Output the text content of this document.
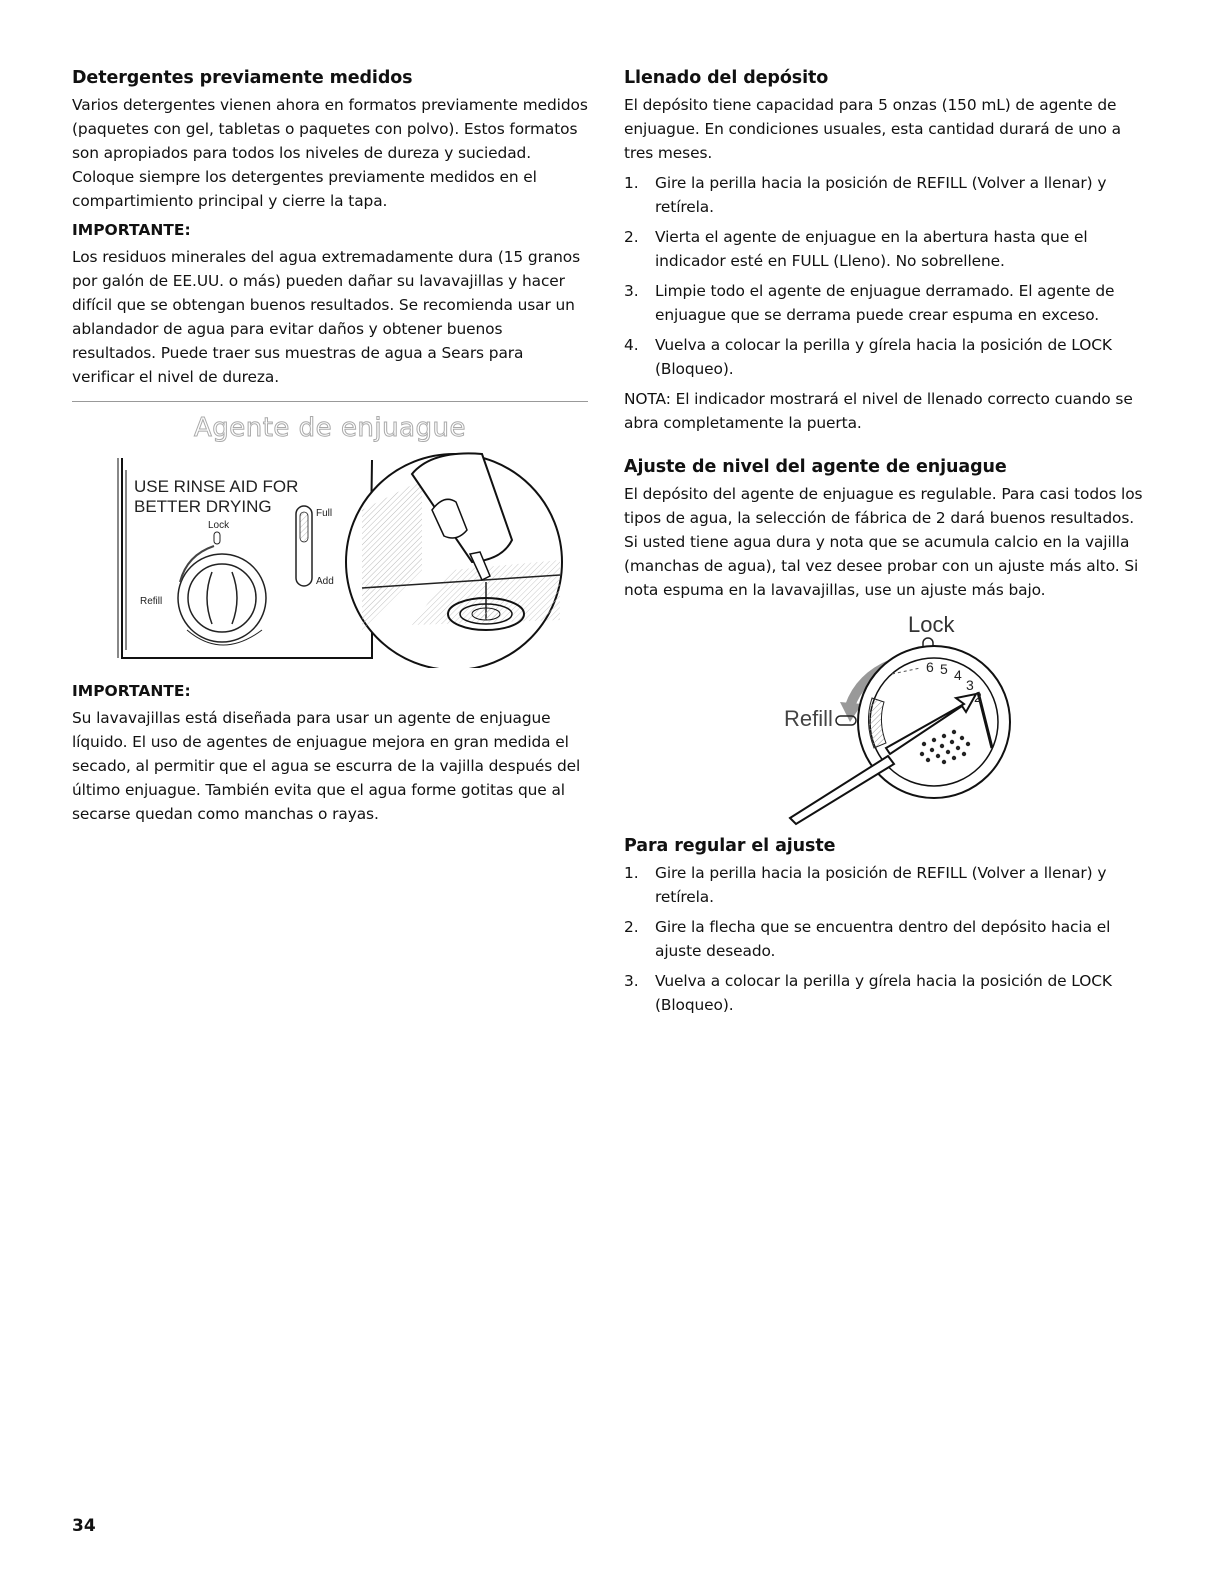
Detergentes previamente medidos

Varios detergentes vienen ahora en formatos previamente medidos (paquetes con gel, tabletas o paquetes con polvo). Estos formatos son apropiados para todos los niveles de dureza y suciedad. Coloque siempre los detergentes previamente medidos en el compartimiento principal y cierre la tapa.

IMPORTANTE:

Los residuos minerales del agua extremadamente dura (15 granos por galón de EE.UU. o más) pueden dañar su lavavajillas y hacer difícil que se obtengan buenos resultados. Se recomienda usar un ablandador de agua para evitar daños y obtener buenos resultados. Puede traer sus muestras de agua a Sears para verificar el nivel de dureza.

Agente de enjuague
USE RINSE AID FOR
BETTER DRYING
Lock
Refill
Full
Add
IMPORTANTE:

Su lavavajillas está diseñada para usar un agente de enjuague líquido. El uso de agentes de enjuague mejora en gran medida el secado, al permitir que el agua se escurra de la vajilla después del último enjuague. También evita que el agua forme gotitas que al secarse quedan como manchas o rayas.

Llenado del depósito

El depósito tiene capacidad para 5 onzas (150 mL) de agente de enjuague. En condiciones usuales, esta cantidad durará de uno a tres meses.

1. Gire la perilla hacia la posición de REFILL (Volver a llenar) y retírela.
2. Vierta el agente de enjuague en la abertura hasta que el indicador esté en FULL (Lleno). No sobrellene.
3. Limpie todo el agente de enjuague derramado. El agente de enjuague que se derrama puede crear espuma en exceso.
4. Vuelva a colocar la perilla y gírela hacia la posición de LOCK (Bloqueo).

NOTA: El indicador mostrará el nivel de llenado correcto cuando se abra completamente la puerta.

Ajuste de nivel del agente de enjuague

El depósito del agente de enjuague es regulable. Para casi todos los tipos de agua, la selección de fábrica de 2 dará buenos resultados. Si usted tiene agua dura y nota que se acumula calcio en la vajilla (manchas de agua), tal vez desee probar con un ajuste más alto. Si nota espuma en la lavavajillas, use un ajuste más bajo.

Lock
Refill
6 5 4
3
2
Para regular el ajuste
1. Gire la perilla hacia la posición de REFILL (Volver a llenar) y retírela.
2. Gire la flecha que se encuentra dentro del depósito hacia el ajuste deseado.
3. Vuelva a colocar la perilla y gírela hacia la posición de LOCK (Bloqueo).
34
